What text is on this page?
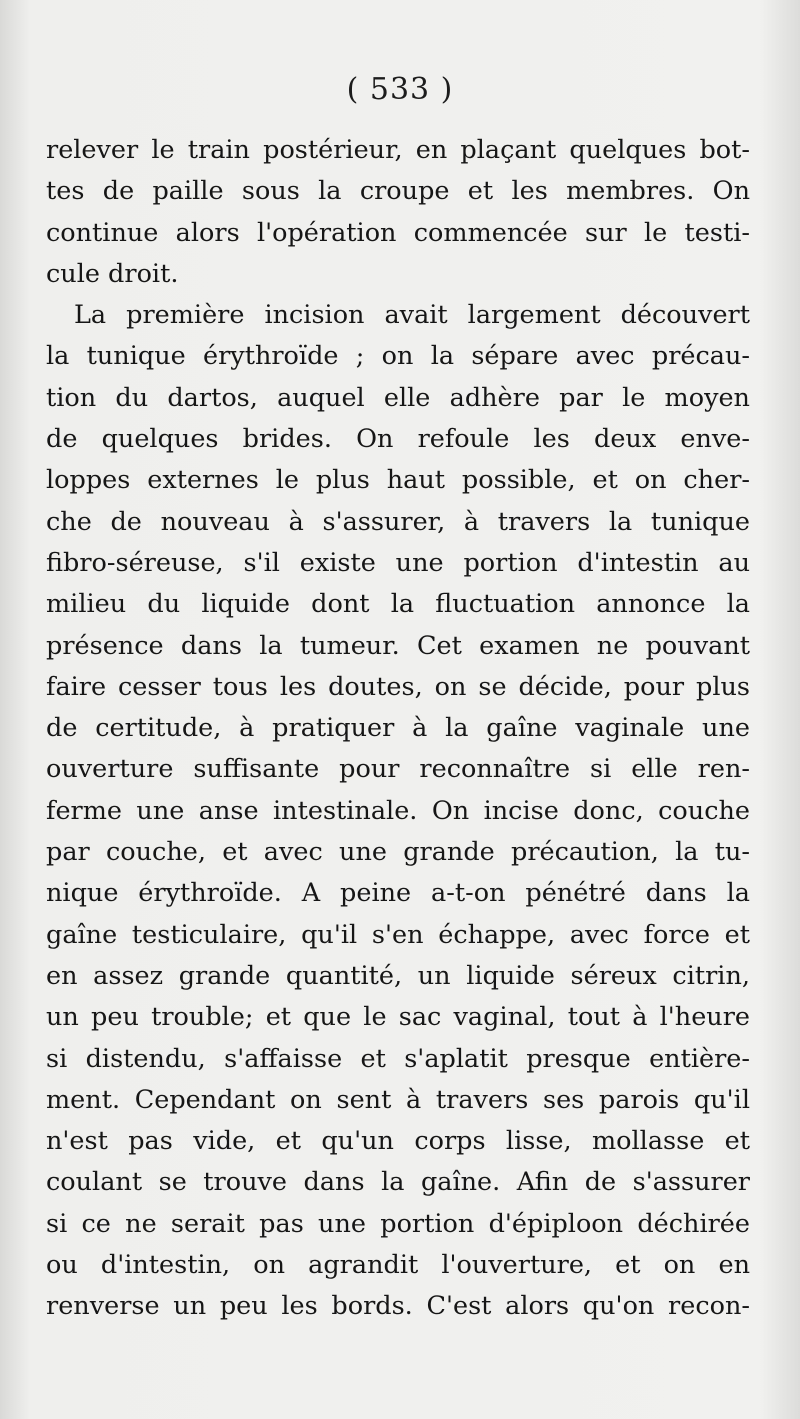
( 533 )
relever le train postérieur, en plaçant quelques bot-
tes de paille sous la croupe et les membres. On
continue alors l'opération commencée sur le testi-
cule droit.
La première incision avait largement découvert
la tunique érythroïde ; on la sépare avec précau-
tion du dartos, auquel elle adhère par le moyen
de quelques brides. On refoule les deux enve-
loppes externes le plus haut possible, et on cher-
che de nouveau à s'assurer, à travers la tunique
fibro-séreuse, s'il existe une portion d'intestin au
milieu du liquide dont la fluctuation annonce la
présence dans la tumeur. Cet examen ne pouvant
faire cesser tous les doutes, on se décide, pour plus
de certitude, à pratiquer à la gaîne vaginale une
ouverture suffisante pour reconnaître si elle ren-
ferme une anse intestinale. On incise donc, couche
par couche, et avec une grande précaution, la tu-
nique érythroïde. A peine a-t-on pénétré dans la
gaîne testiculaire, qu'il s'en échappe, avec force et
en assez grande quantité, un liquide séreux citrin,
un peu trouble; et que le sac vaginal, tout à l'heure
si distendu, s'affaisse et s'aplatit presque entière-
ment. Cependant on sent à travers ses parois qu'il
n'est pas vide, et qu'un corps lisse, mollasse et
coulant se trouve dans la gaîne. Afin de s'assurer
si ce ne serait pas une portion d'épiploon déchirée
ou d'intestin, on agrandit l'ouverture, et on en
renverse un peu les bords. C'est alors qu'on recon-
